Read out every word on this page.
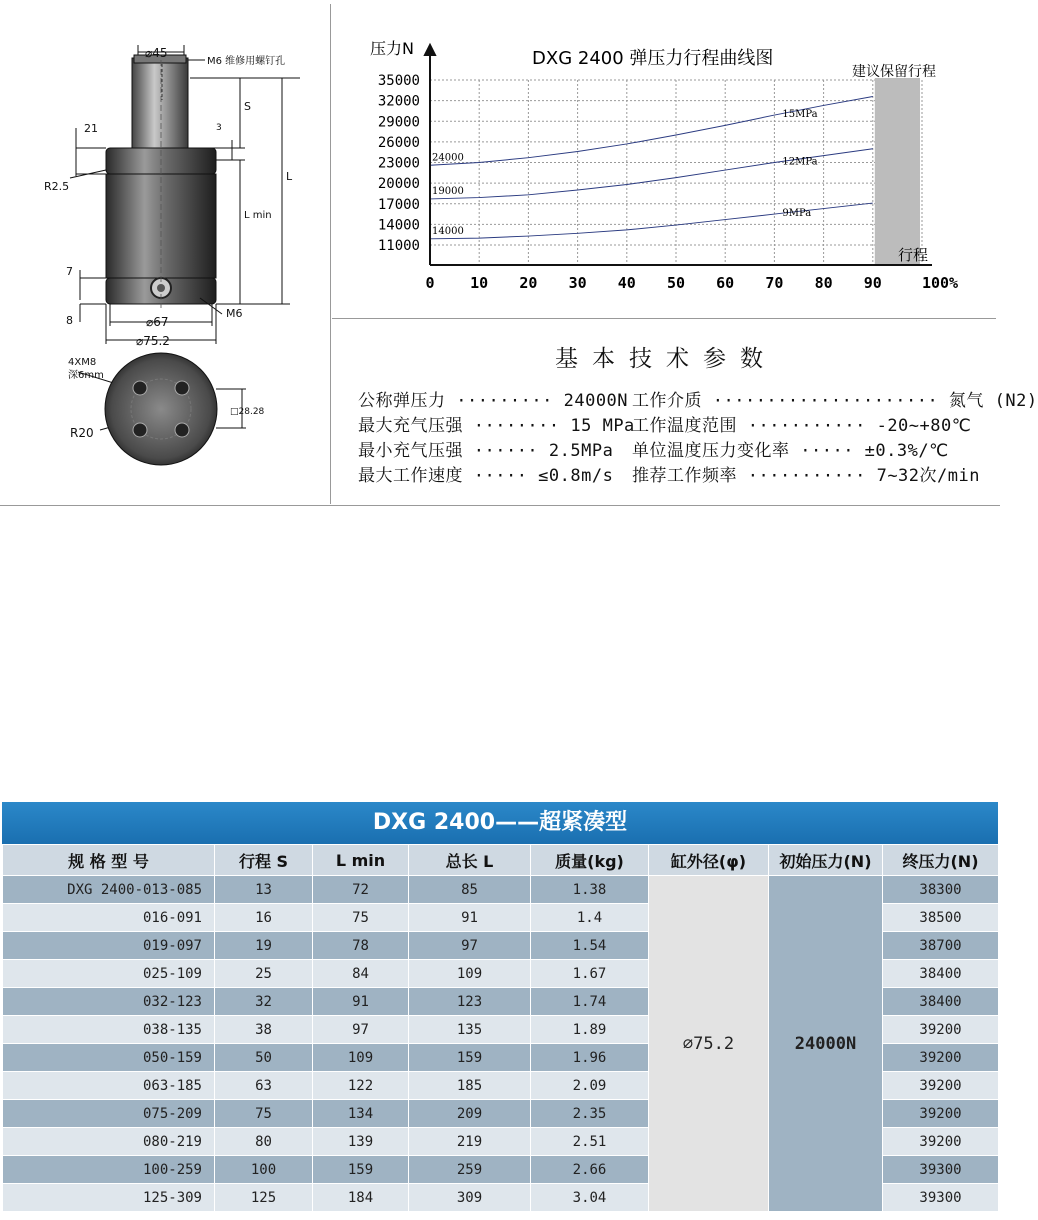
⌀45
M6 维修用螺钉孔
S
3
21
R2.5
L
L min
7
8
M6
⌀67
⌀75.2
4XM8
深6mm
□28.28
R20
15MPa
24000	12MPa
19000
9MPa
14000
11000
14000
17000
20000
23000
26000
29000
32000
35000
0 10 20 30 40 50 60 70 80 90	100%
DXG 2400 弹压力行程曲线图
压力N
行程
建议保留行程
基本技术参数
公称弹压力 ········· 24000N
最大充气压强 ········ 15 MPa
最小充气压强 ······ 2.5MPa
最大工作速度 ····· ≤0.8m/s
工作介质 ····················· 氮气 (N2)
工作温度范围 ··········· -20~+80℃
单位温度压力变化率 ····· ±0.3%/℃
推荐工作频率 ··········· 7~32次/min
DXG 2400——超紧凑型
规 格 型 号	行程 S	L min	总长 L	质量(kg)	缸外径(φ)	初始压力(N)	终压力(N)
DXG 2400-013-085	13	72	85	1.38	⌀75.2	24000N	38300
016-091	16	75	91	1.4			38500
019-097	19	78	97	1.54			38700
025-109	25	84	109	1.67			38400
032-123	32	91	123	1.74			38400
038-135	38	97	135	1.89			39200
050-159	50	109	159	1.96			39200
063-185	63	122	185	2.09			39200
075-209	75	134	209	2.35			39200
080-219	80	139	219	2.51			39200
100-259	100	159	259	2.66			39300
125-309	125	184	309	3.04			39300
